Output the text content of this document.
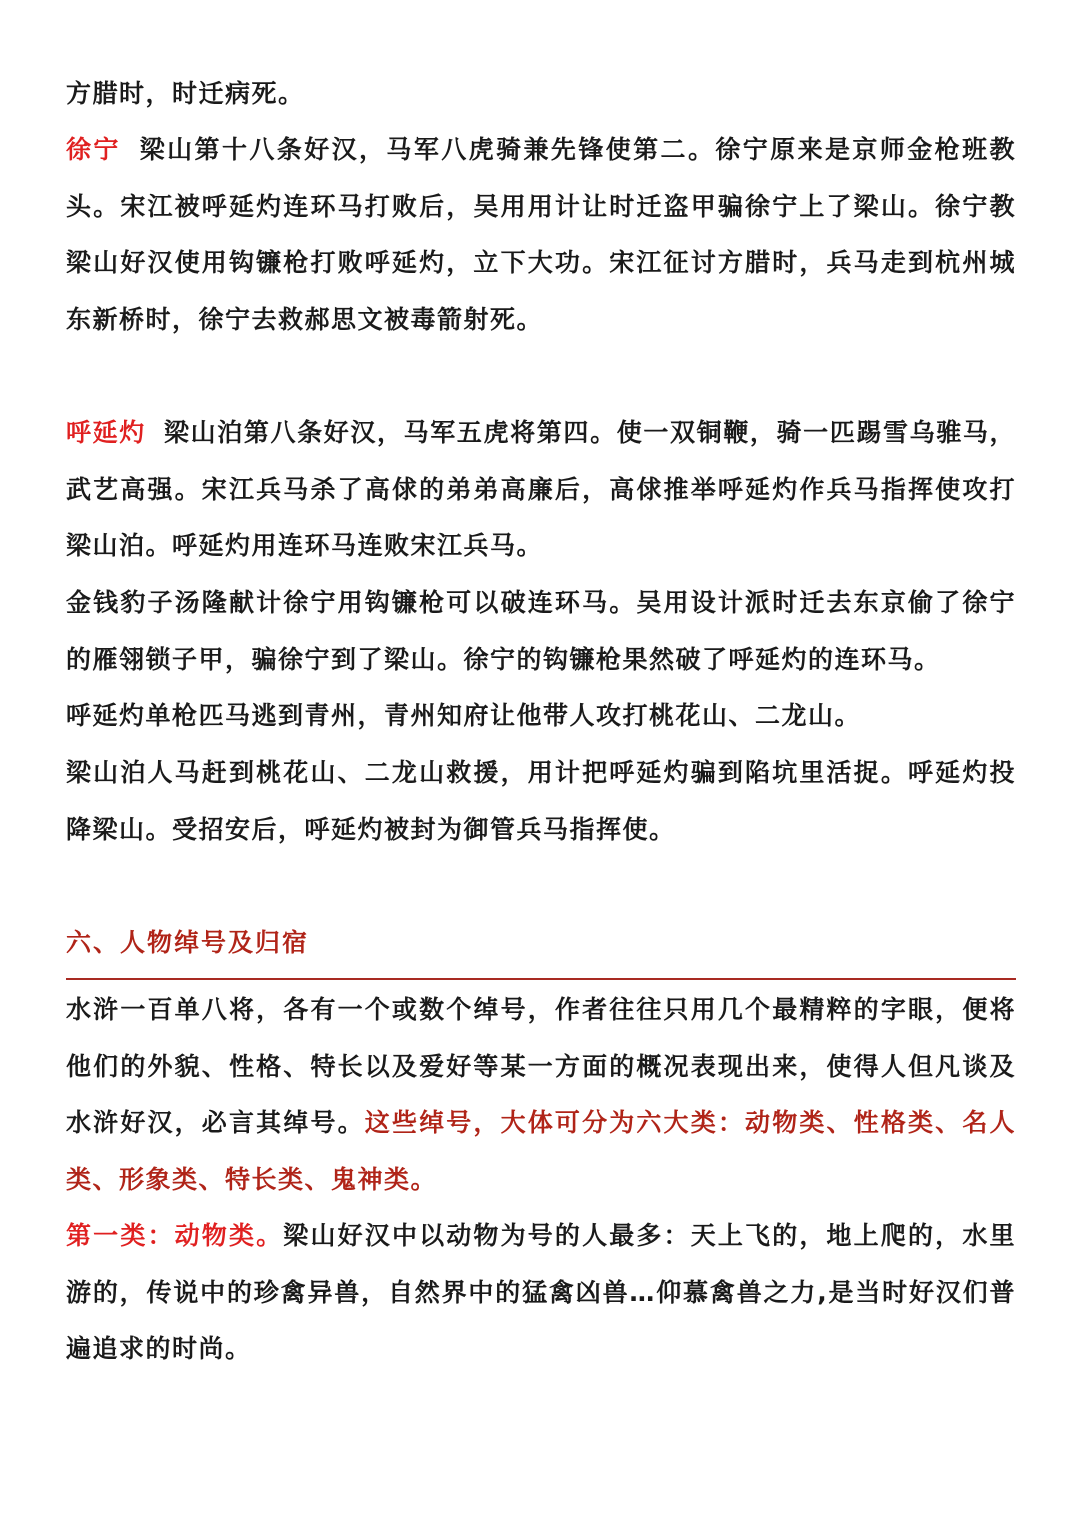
方腊时，时迁病死。

徐宁 梁山第十八条好汉，马军八虎骑兼先锋使第二。徐宁原来是京师金枪班教头。宋江被呼延灼连环马打败后，吴用用计让时迁盗甲骗徐宁上了梁山。徐宁教梁山好汉使用钩镰枪打败呼延灼，立下大功。宋江征讨方腊时，兵马走到杭州城东新桥时，徐宁去救郝思文被毒箭射死。

呼延灼 梁山泊第八条好汉，马军五虎将第四。使一双铜鞭，骑一匹踢雪乌骓马，武艺高强。宋江兵马杀了高俅的弟弟高廉后，高俅推举呼延灼作兵马指挥使攻打梁山泊。呼延灼用连环马连败宋江兵马。

金钱豹子汤隆献计徐宁用钩镰枪可以破连环马。吴用设计派时迁去东京偷了徐宁的雁翎锁子甲，骗徐宁到了梁山。徐宁的钩镰枪果然破了呼延灼的连环马。

呼延灼单枪匹马逃到青州，青州知府让他带人攻打桃花山、二龙山。

梁山泊人马赶到桃花山、二龙山救援，用计把呼延灼骗到陷坑里活捉。呼延灼投降梁山。受招安后，呼延灼被封为御管兵马指挥使。

六、人物绰号及归宿

水浒一百单八将，各有一个或数个绰号，作者往往只用几个最精粹的字眼，便将他们的外貌、性格、特长以及爱好等某一方面的概况表现出来，使得人但凡谈及水浒好汉，必言其绰号。这些绰号，大体可分为六大类：动物类、性格类、名人类、形象类、特长类、鬼神类。

第一类：动物类。梁山好汉中以动物为号的人最多：天上飞的，地上爬的，水里游的，传说中的珍禽异兽，自然界中的猛禽凶兽…仰慕禽兽之力,是当时好汉们普遍追求的时尚。
